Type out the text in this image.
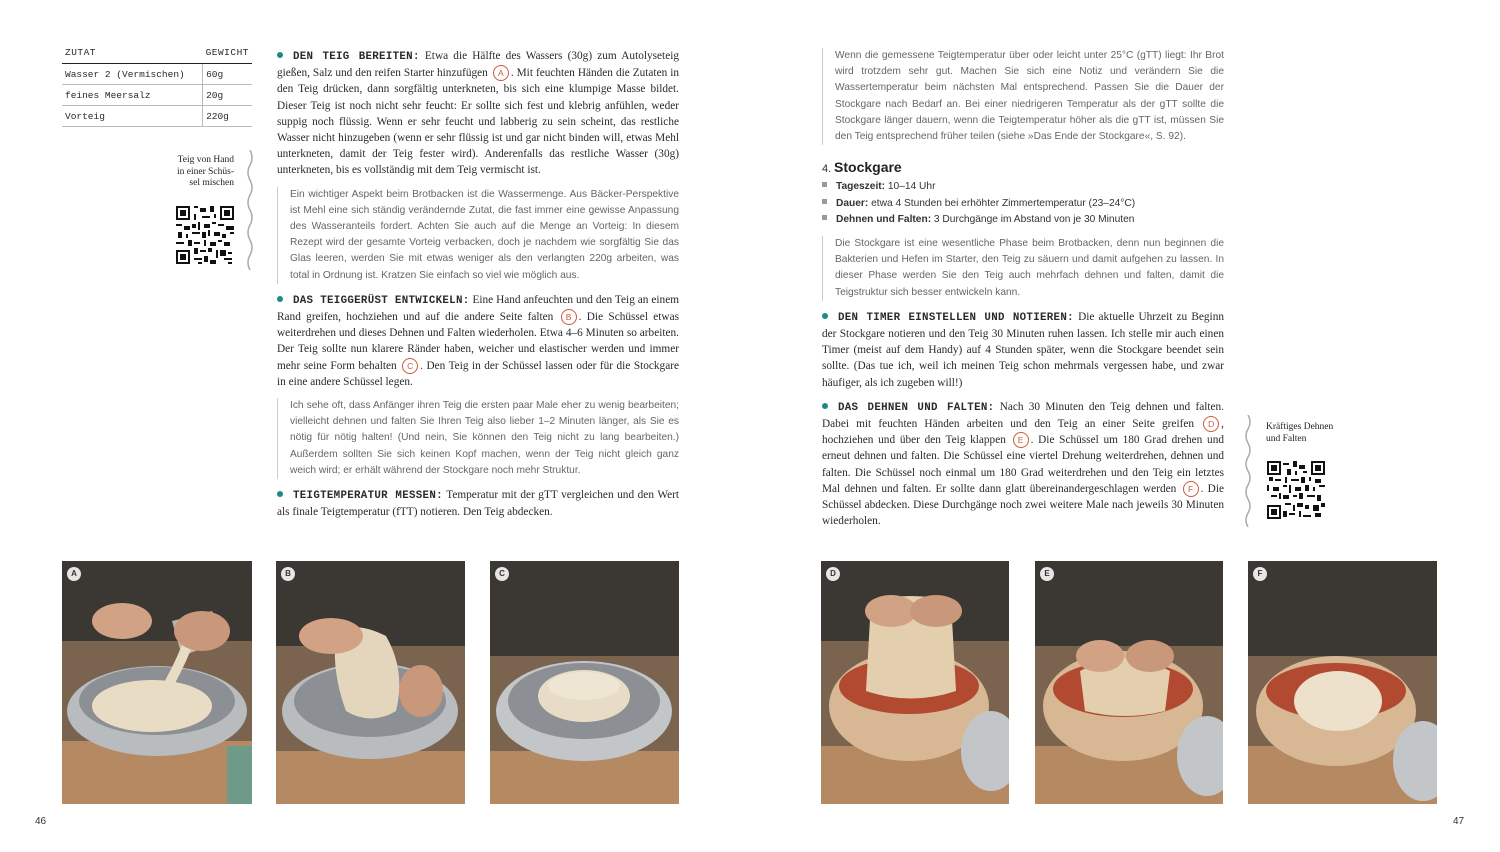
ZUTAT	GEWICHT
Wasser 2 (Vermischen)	60g
feines Meersalz	20g
Vorteig	220g
Teig von Hand in einer Schüs-sel mischen

DEN TEIG BEREITEN: Etwa die Hälfte des Wassers (30g) zum Autolyseteig gießen, Salz und den reifen Starter hinzufügen A . Mit feuchten Händen die Zutaten in den Teig drücken, dann sorgfältig unterkneten, bis sich eine klumpige Masse bildet. Dieser Teig ist noch nicht sehr feucht: Er sollte sich fest und klebrig anfühlen, weder suppig noch flüssig. Wenn er sehr feucht und labberig zu sein scheint, das restliche Wasser nicht hinzugeben (wenn er sehr flüssig ist und gar nicht binden will, etwas Mehl unterkneten, damit der Teig fester wird). Anderenfalls das restliche Wasser (30g) unterkneten, bis es vollständig mit dem Teig vermischt ist.

Ein wichtiger Aspekt beim Brotbacken ist die Wassermenge. Aus Bäcker-Perspektive ist Mehl eine sich ständig verändernde Zutat, die fast immer eine gewisse Anpassung des Wasseranteils fordert. Achten Sie auch auf die Menge an Vorteig: In diesem Rezept wird der gesamte Vorteig verbacken, doch je nachdem wie sorgfältig Sie das Glas leeren, werden Sie mit etwas weniger als den verlangten 220g arbeiten, was total in Ordnung ist. Kratzen Sie einfach so viel wie möglich aus.

DAS TEIGGERÜST ENTWICKELN: Eine Hand anfeuchten und den Teig an einem Rand greifen, hochziehen und auf die andere Seite falten B . Die Schüssel etwas weiterdrehen und dieses Dehnen und Falten wiederholen. Etwa 4–6 Minuten so arbeiten. Der Teig sollte nun klarere Ränder haben, weicher und elastischer werden und immer mehr seine Form behalten C . Den Teig in der Schüssel lassen oder für die Stockgare in eine andere Schüssel legen.

Ich sehe oft, dass Anfänger ihren Teig die ersten paar Male eher zu wenig bearbeiten; vielleicht dehnen und falten Sie Ihren Teig also lieber 1–2 Minuten länger, als Sie es nötig für nötig halten! (Und nein, Sie können den Teig nicht zu lang bearbeiten.) Außerdem sollten Sie sich keinen Kopf machen, wenn der Teig nicht gleich ganz weich wird; er erhält während der Stockgare noch mehr Struktur.

TEIGTEMPERATUR MESSEN: Temperatur mit der gTT vergleichen und den Wert als finale Teigtemperatur (fTT) notieren. Den Teig abdecken.

Wenn die gemessene Teigtemperatur über oder leicht unter 25°C (gTT) liegt: Ihr Brot wird trotzdem sehr gut. Machen Sie sich eine Notiz und verändern Sie die Wassertemperatur beim nächsten Mal entsprechend. Passen Sie die Dauer der Stockgare nach Bedarf an. Bei einer niedrigeren Temperatur als der gTT sollte die Stockgare länger dauern, wenn die Teigtemperatur höher als die gTT ist, müssen Sie den Teig entsprechend früher teilen (siehe »Das Ende der Stockgare«, S. 92).
4. Stockgare
Tageszeit: 10–14 Uhr
Dauer: etwa 4 Stunden bei erhöhter Zimmertemperatur (23–24°C)
Dehnen und Falten: 3 Durchgänge im Abstand von je 30 Minuten
Die Stockgare ist eine wesentliche Phase beim Brotbacken, denn nun beginnen die Bakterien und Hefen im Starter, den Teig zu säuern und damit aufgehen zu lassen. In dieser Phase werden Sie den Teig auch mehrfach dehnen und falten, damit die Teigstruktur sich besser entwickeln kann.

DEN TIMER EINSTELLEN UND NOTIEREN: Die aktuelle Uhrzeit zu Beginn der Stockgare notieren und den Teig 30 Minuten ruhen lassen. Ich stelle mir auch einen Timer (meist auf dem Handy) auf 4 Stunden später, wenn die Stockgare beendet sein sollte. (Das tue ich, weil ich meinen Teig schon mehrmals vergessen habe, und zwar häufiger, als ich zugeben will!)

DAS DEHNEN UND FALTEN: Nach 30 Minuten den Teig dehnen und falten. Dabei mit feuchten Händen arbeiten und den Teig an einer Seite greifen D , hochziehen und über den Teig klappen E . Die Schüssel um 180 Grad drehen und erneut dehnen und falten. Die Schüssel eine viertel Drehung weiterdrehen, dehnen und falten. Die Schüssel noch einmal um 180 Grad weiterdrehen und den Teig ein letztes Mal dehnen und falten. Er sollte dann glatt übereinandergeschlagen werden F . Die Schüssel abdecken. Diese Durchgänge noch zwei weitere Male nach jeweils 30 Minuten wiederholen.

Kräftiges Dehnen und Falten
A	B	C	D	E	F
46	47
